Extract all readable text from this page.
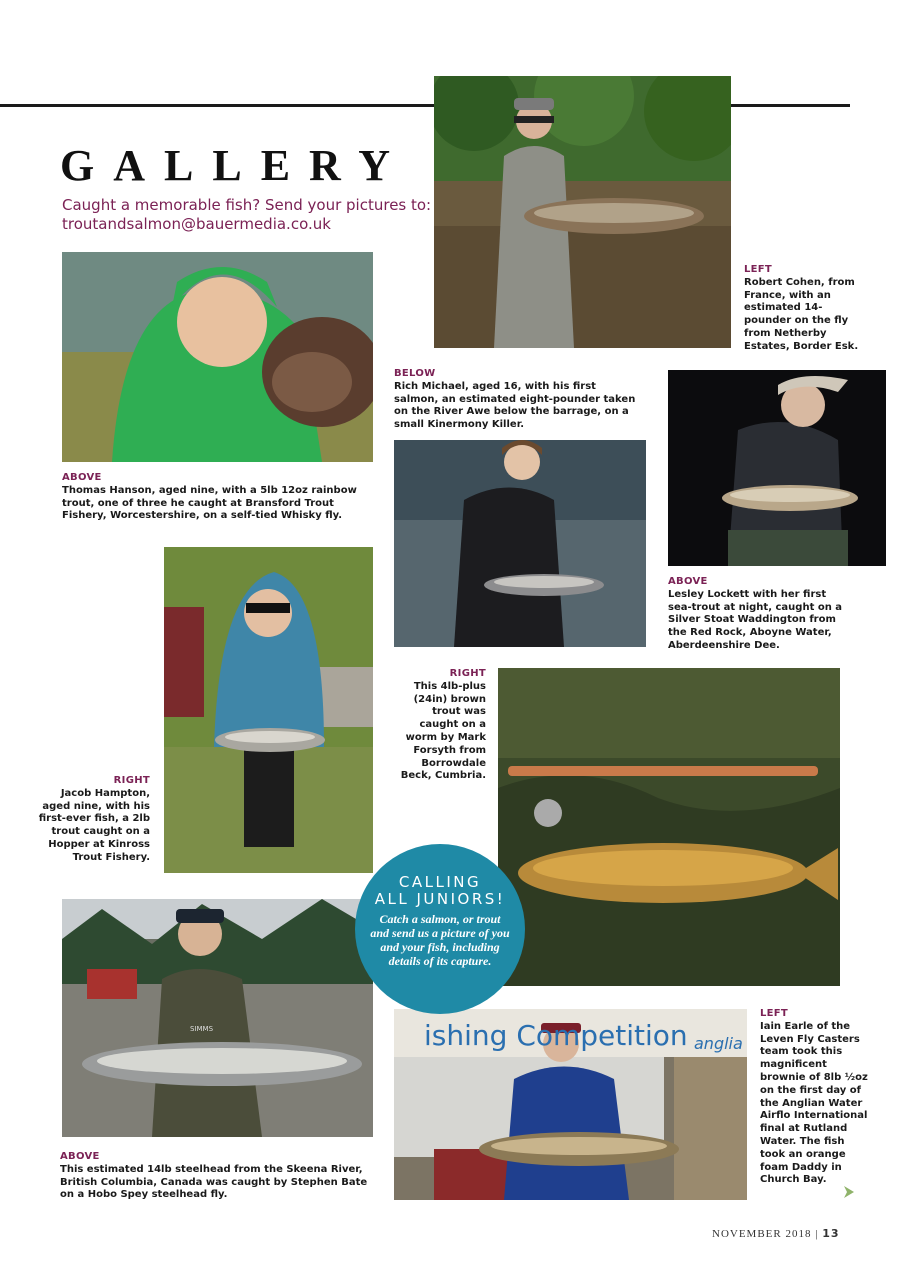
GALLERY

Caught a memorable fish? Send your pictures to: troutandsalmon@bauermedia.co.uk

SIMMS	ishing Competition anglia
LEFT
Robert Cohen, from France, with an estimated 14-pounder on the fly from Netherby Estates, Border Esk.
BELOW
Rich Michael, aged 16, with his first salmon, an estimated eight-pounder taken on the River Awe below the barrage, on a small Kinermony Killer.
ABOVE
Thomas Hanson, aged nine, with a 5lb 12oz rainbow trout, one of three he caught at Bransford Trout Fishery, Worcestershire, on a self-tied Whisky fly.
ABOVE
Lesley Lockett with her first sea-trout at night, caught on a Silver Stoat Waddington from the Red Rock, Aboyne Water, Aberdeenshire Dee.
RIGHT
This 4lb-plus (24in) brown trout was caught on a worm by Mark Forsyth from Borrowdale Beck, Cumbria.
RIGHT
Jacob Hampton, aged nine, with his first-ever fish, a 2lb trout caught on a Hopper at Kinross Trout Fishery.
ABOVE
This estimated 14lb steelhead from the Skeena River, British Columbia, Canada was caught by Stephen Bate on a Hobo Spey steelhead fly.
LEFT
Iain Earle of the Leven Fly Casters team took this magnificent brownie of 8lb ½oz on the first day of the Anglian Water Airflo International final at Rutland Water. The fish took an orange foam Daddy in Church Bay.
CALLING
ALL JUNIORS!
Catch a salmon, or trout and send us a picture of you and your fish, including details of its capture.
NOVEMBER 2018 | 13
